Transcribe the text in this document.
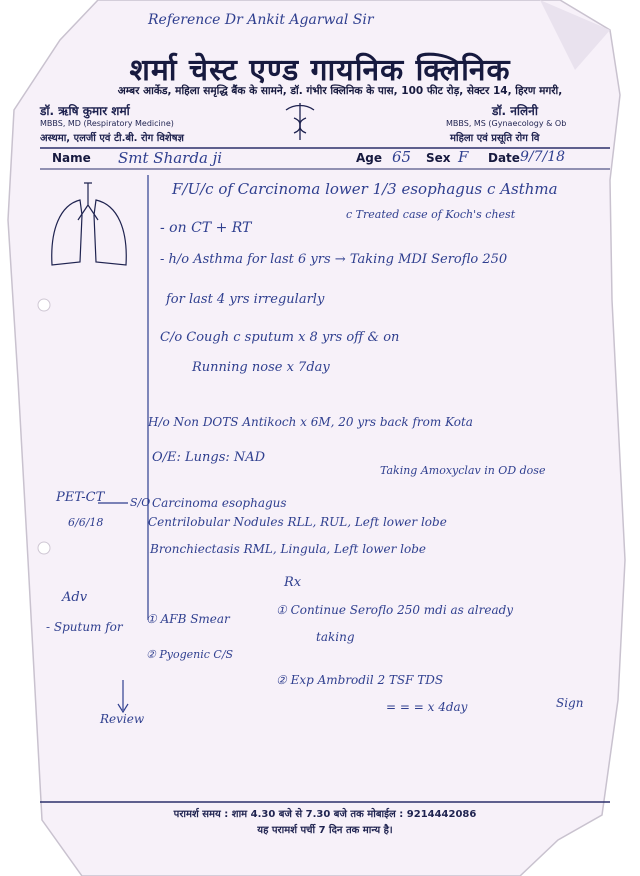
Reference Dr Ankit Agarwal Sir
शर्मा चेस्ट एण्ड गायनिक क्लिनिक
अम्बर आर्केड, महिला समृद्धि बैंक के सामने, डॉ. गंभीर क्लिनिक के पास, 100 फीट रोड़, सेक्टर 14, हिरण मगरी,
डॉ. ऋषि कुमार शर्मा
MBBS, MD (Respiratory Medicine)
अस्थमा, एलर्जी एवं टी.बी. रोग विशेषज्ञ
डॉ. नलिनी
MBBS, MS (Gynaecology & Ob
महिला एवं प्रसूति रोग वि
Name Smt Sharda ji	Age 65 Sex F Date 9/7/18
F/U/c of Carcinoma lower 1/3 esophagus c Asthma
c Treated case of Koch's chest
- on CT + RT
- h/o Asthma for last 6 yrs → Taking MDI Seroflo 250
for last 4 yrs irregularly
C/o Cough c sputum x 8 yrs off & on
Running nose x 7day
H/o Non DOTS Antikoch x 6M, 20 yrs back from Kota
O/E: Lungs: NAD
Taking Amoxyclav in OD dose
PET-CT
6/6/18
S/O Carcinoma esophagus
Centrilobular Nodules RLL, RUL, Left lower lobe
Bronchiectasis RML, Lingula, Left lower lobe
Rx
① Continue Seroflo 250 mdi as already
taking
② Exp Ambrodil 2 TSF TDS
= = = x 4day
Adv
- Sputum for
① AFB Smear
② Pyogenic C/S
Review
Sign
परामर्श समय : शाम 4.30 बजे से 7.30 बजे तक मोबाईल : 9214442086
यह परामर्श पर्ची 7 दिन तक मान्य है।
